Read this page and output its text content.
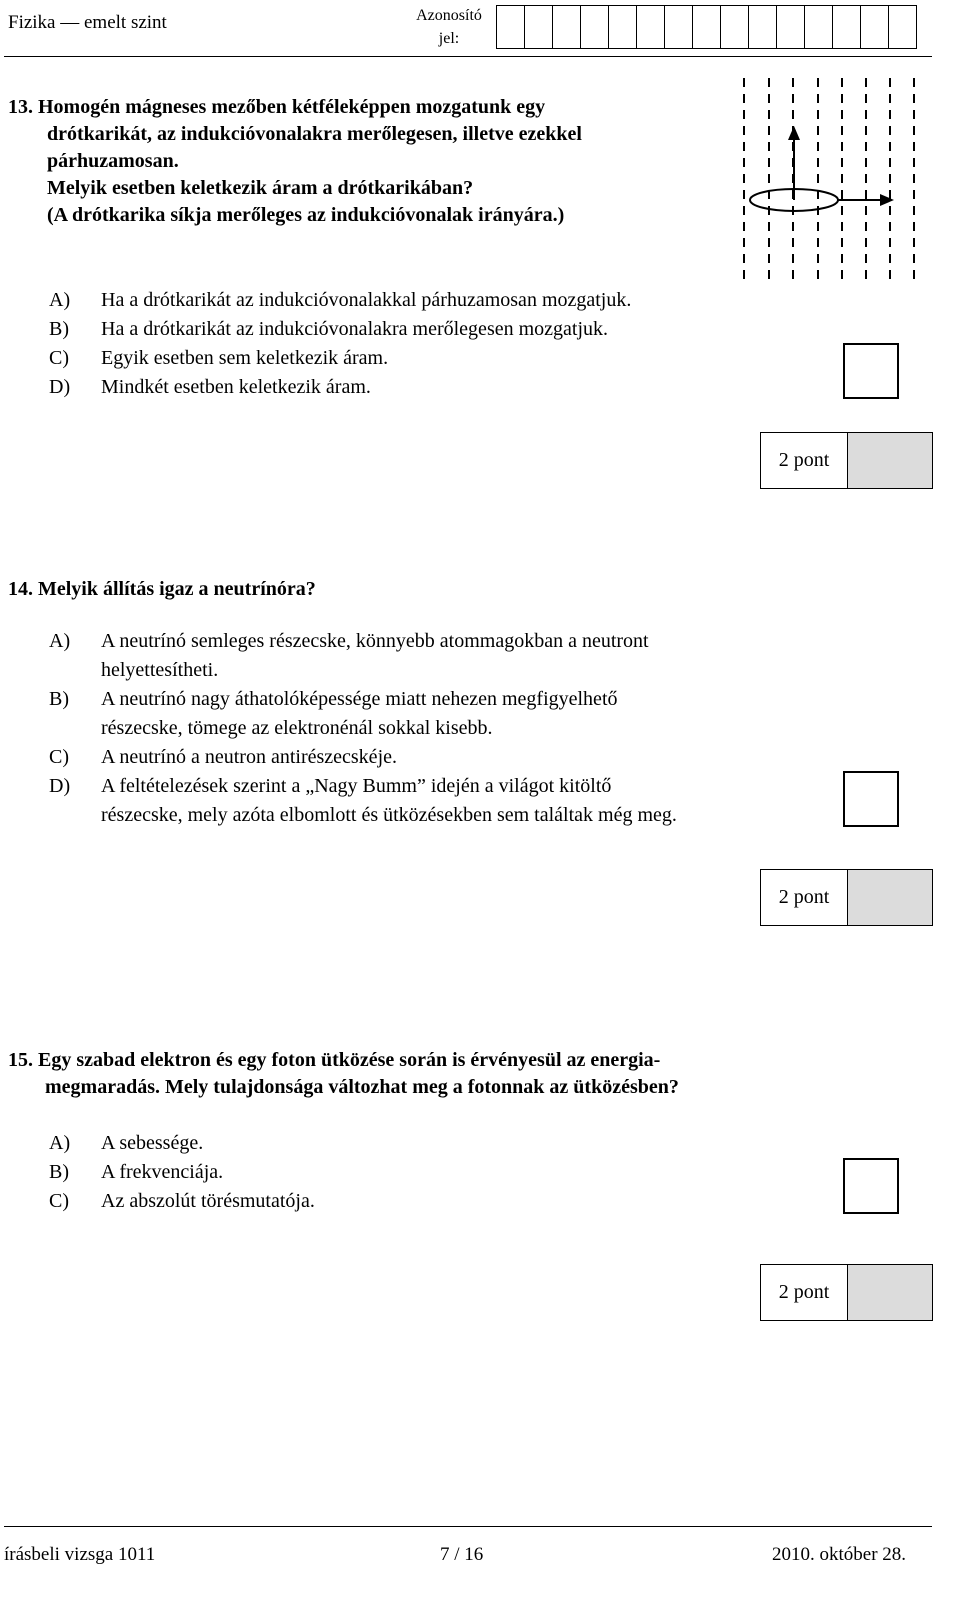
Fizika — emelt szint	Azonosító
jel:
13. Homogén mágneses mezőben kétféleképpen mozgatunk egy
drótkarikát, az indukcióvonalakra merőlegesen, illetve ezekkel
párhuzamosan.
Melyik esetben keletkezik áram a drótkarikában?
(A drótkarika síkja merőleges az indukcióvonalak irányára.)
A)	Ha a drótkarikát az indukcióvonalakkal párhuzamosan mozgatjuk.
B)	Ha a drótkarikát az indukcióvonalakra merőlegesen mozgatjuk.
C)	Egyik esetben sem keletkezik áram.
D)	Mindkét esetben keletkezik áram.
2 pont
14. Melyik állítás igaz a neutrínóra?
A)	A neutrínó semleges részecske, könnyebb atommagokban a neutront
helyettesítheti.
B)	A neutrínó nagy áthatolóképessége miatt nehezen megfigyelhető
részecske, tömege az elektronénál sokkal kisebb.
C)	A neutrínó a neutron antirészecskéje.
D)	A feltételezések szerint a „Nagy Bumm” idején a világot kitöltő
részecske, mely azóta elbomlott és ütközésekben sem találtak még meg.
2 pont
15. Egy szabad elektron és egy foton ütközése során is érvényesül az energia-
megmaradás. Mely tulajdonsága változhat meg a fotonnak az ütközésben?
A)	A sebessége.
B)	A frekvenciája.
C)	Az abszolút törésmutatója.
2 pont
írásbeli vizsga 1011	7 / 16	2010. október 28.
